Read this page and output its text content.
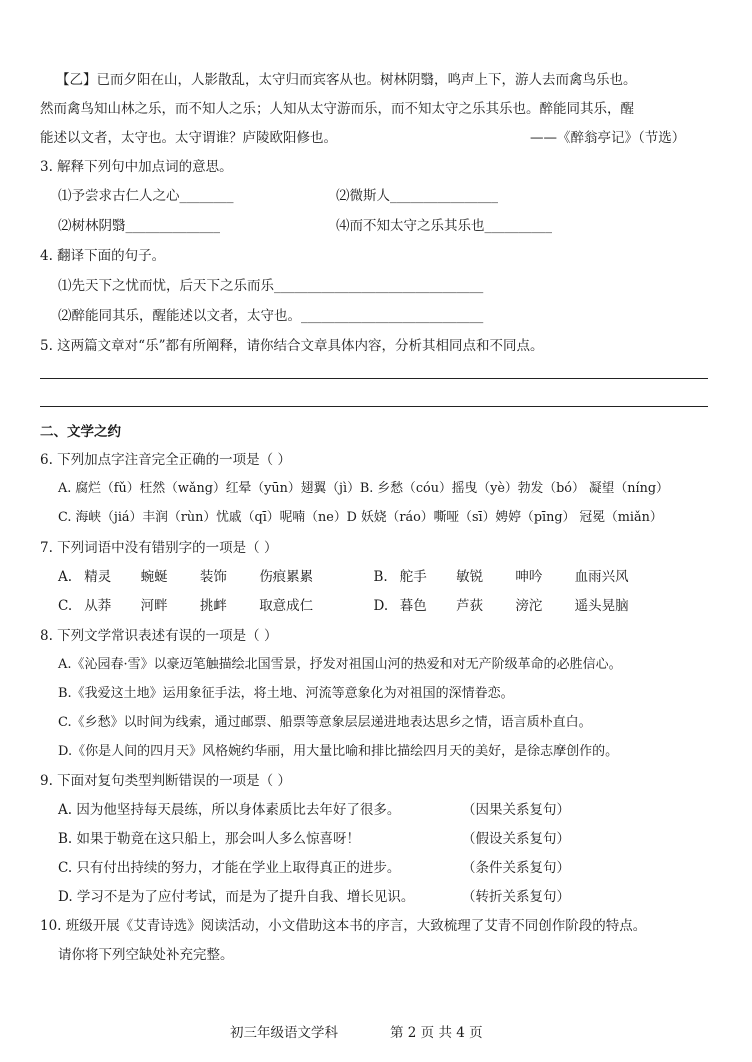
【乙】已而夕阳在山，人影散乱，太守归而宾客从也。树林阴翳，鸣声上下，游人去而禽鸟乐也。
然而禽鸟知山林之乐，而不知人之乐；人知从太守游而乐，而不知太守之乐其乐也。醉能同其乐，醒
能述以文者，太守也。太守谓谁？庐陵欧阳修也。	——《醉翁亭记》（节选）
3. 解释下列句中加点词的意思。
⑴予尝求古仁人之心________	⑵微斯人________________
⑵树林阴翳______________	⑷而不知太守之乐其乐也__________
4. 翻译下面的句子。
⑴先天下之忧而忧，后天下之乐而乐_______________________________
⑵醉能同其乐，醒能述以文者，太守也。___________________________
5. 这两篇文章对“乐”都有所阐释，请你结合文章具体内容，分析其相同点和不同点。
二、文学之约
6. 下列加点字注音完全正确的一项是（ ）
A. 腐烂（fǔ）枉然（wǎng）红晕（yūn）翅翼（jì）B. 乡愁（cóu）摇曳（yè）勃发（bó） 凝望（níng）
C. 海峡（jiá）丰润（rùn）忧戚（qī）呢喃（ne）D 妖娆（ráo）嘶哑（sī）娉婷（pīng） 冠冕（miǎn）
7. 下列词语中没有错别字的一项是（ ）
A. 精灵 蜿蜒 装饰 伤痕累累	B. 舵手 敏锐 呻吟 血雨兴风
C. 从莽 河畔 挑衅 取意成仁	D. 暮色 芦荻 滂沱 遥头晃脑
8. 下列文学常识表述有误的一项是（ ）
A.《沁园春·雪》以豪迈笔触描绘北国雪景，抒发对祖国山河的热爱和对无产阶级革命的必胜信心。
B.《我爱这土地》运用象征手法，将土地、河流等意象化为对祖国的深情眷恋。
C.《乡愁》以时间为线索，通过邮票、船票等意象层层递进地表达思乡之情，语言质朴直白。
D.《你是人间的四月天》风格婉约华丽，用大量比喻和排比描绘四月天的美好，是徐志摩创作的。
9. 下面对复句类型判断错误的一项是（ ）
A. 因为他坚持每天晨练，所以身体素质比去年好了很多。	（因果关系复句）
B. 如果于勒竟在这只船上，那会叫人多么惊喜呀！	（假设关系复句）
C. 只有付出持续的努力，才能在学业上取得真正的进步。	（条件关系复句）
D. 学习不是为了应付考试，而是为了提升自我、增长见识。	（转折关系复句）
10. 班级开展《艾青诗选》阅读活动，小文借助这本书的序言，大致梳理了艾青不同创作阶段的特点。
请你将下列空缺处补充完整。
初三年级语文学科	第 2 页 共 4 页
